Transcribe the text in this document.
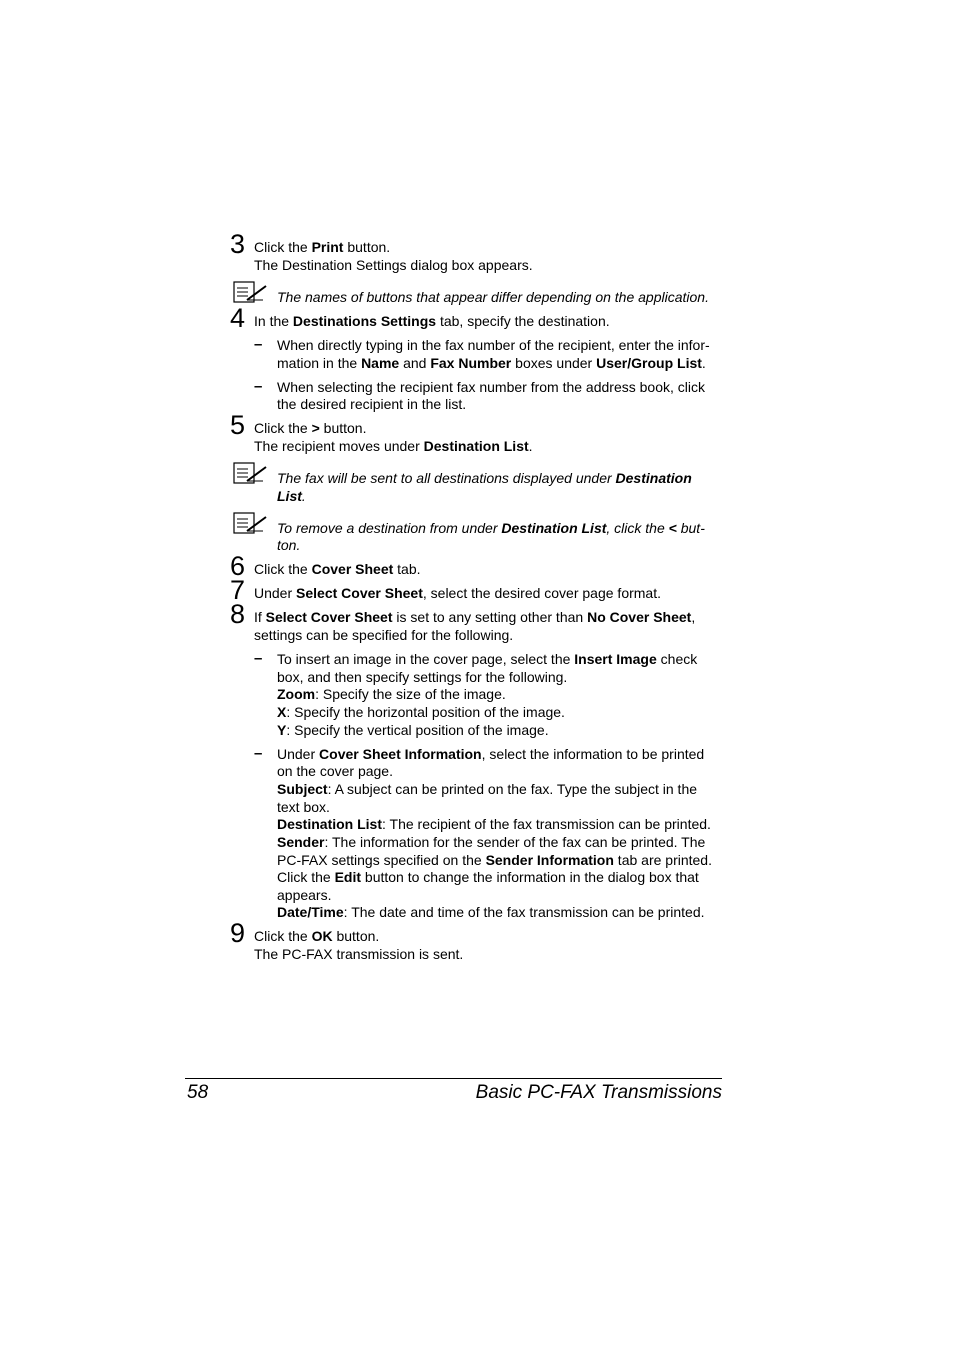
3 Click the Print button.
The Destination Settings dialog box appears.
The names of buttons that appear differ depending on the application.
4 In the Destinations Settings tab, specify the destination.
– When directly typing in the fax number of the recipient, enter the infor-
mation in the Name and Fax Number boxes under User/Group List.
– When selecting the recipient fax number from the address book, click
the desired recipient in the list.
5 Click the > button.
The recipient moves under Destination List.
The fax will be sent to all destinations displayed under Destination
List.
To remove a destination from under Destination List, click the < but-
ton.
6 Click the Cover Sheet tab.
7 Under Select Cover Sheet, select the desired cover page format.
8 If Select Cover Sheet is set to any setting other than No Cover Sheet,
settings can be specified for the following.
– To insert an image in the cover page, select the Insert Image check
box, and then specify settings for the following.
Zoom: Specify the size of the image.
X: Specify the horizontal position of the image.
Y: Specify the vertical position of the image.
– Under Cover Sheet Information, select the information to be printed
on the cover page.
Subject: A subject can be printed on the fax. Type the subject in the
text box.
Destination List: The recipient of the fax transmission can be printed.
Sender: The information for the sender of the fax can be printed. The
PC-FAX settings specified on the Sender Information tab are printed.
Click the Edit button to change the information in the dialog box that
appears.
Date/Time: The date and time of the fax transmission can be printed.
9 Click the OK button.
The PC-FAX transmission is sent.
58	Basic PC-FAX Transmissions
